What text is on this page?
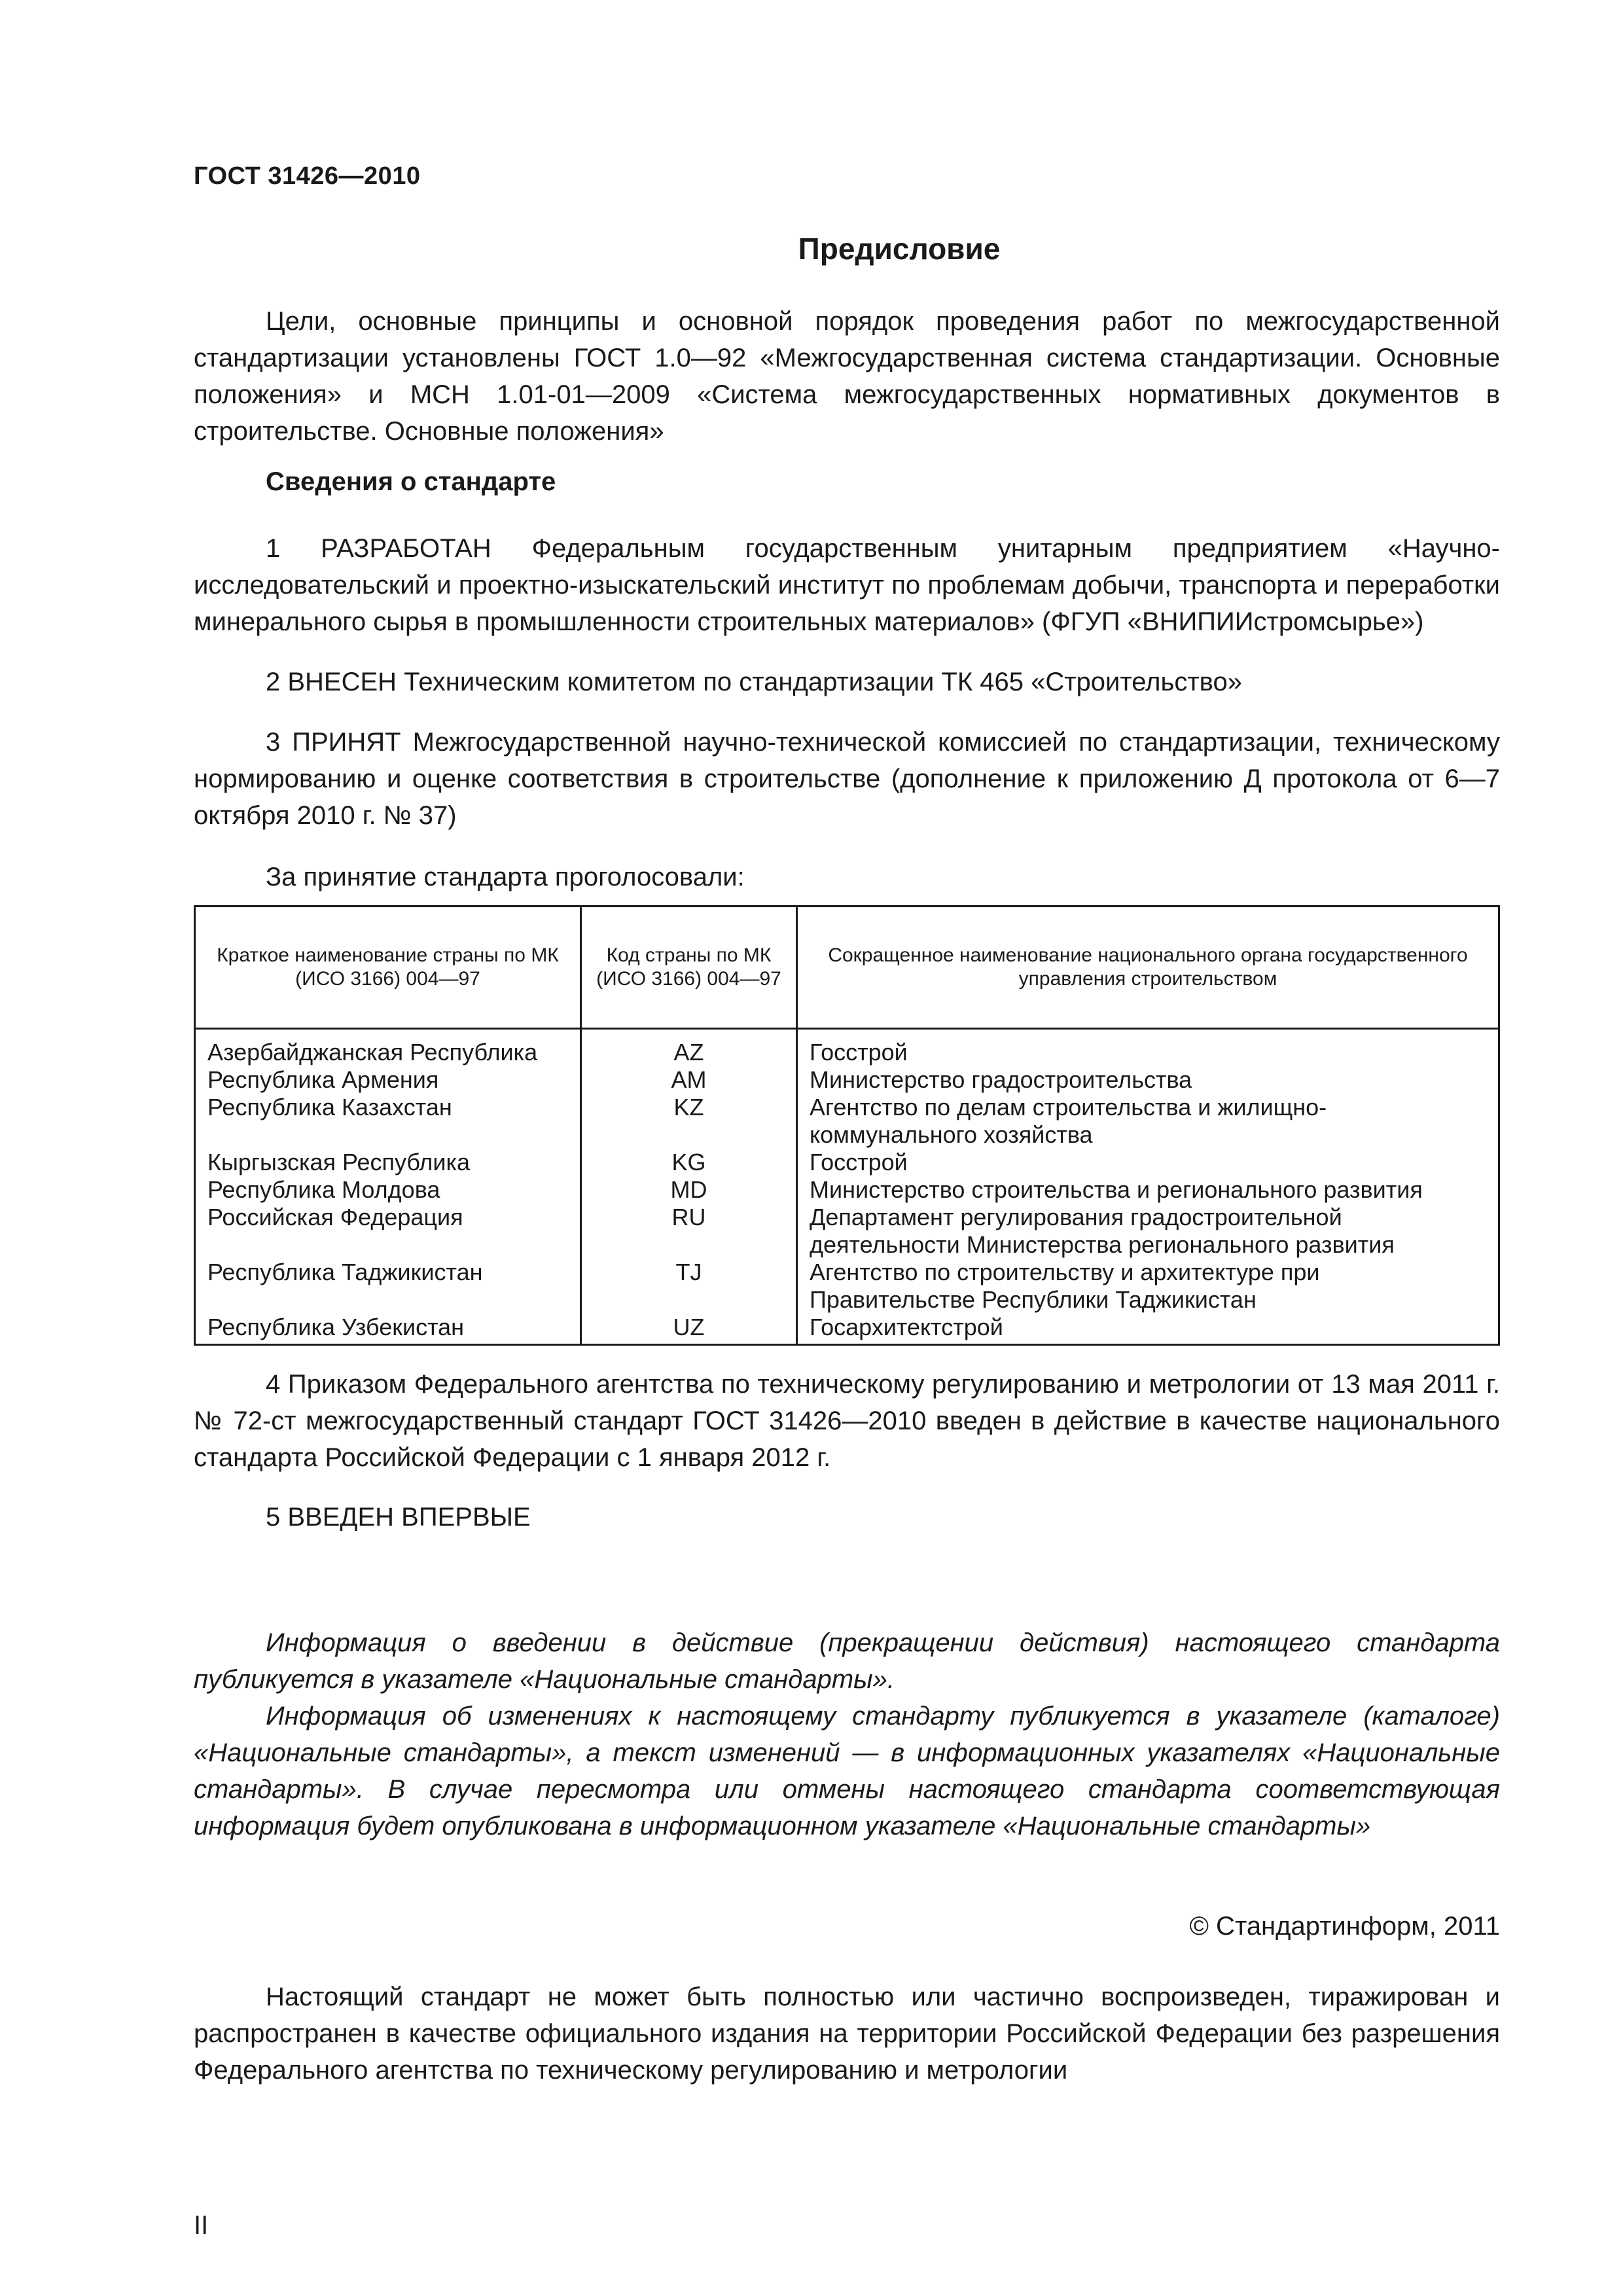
ГОСТ 31426—2010
Предисловие

Цели, основные принципы и основной порядок проведения работ по межгосударственной стандартизации установлены ГОСТ 1.0—92 «Межгосударственная система стандартизации. Основные положения» и МСН 1.01-01—2009 «Система межгосударственных нормативных документов в строительстве. Основные положения»

Сведения о стандарте

1 РАЗРАБОТАН Федеральным государственным унитарным предприятием «Научно-исследовательский и проектно-изыскательский институт по проблемам добычи, транспорта и переработки минерального сырья в промышленности строительных материалов» (ФГУП «ВНИПИИстромсырье»)

2 ВНЕСЕН Техническим комитетом по стандартизации ТК 465 «Строительство»

3 ПРИНЯТ Межгосударственной научно-технической комиссией по стандартизации, техническому нормированию и оценке соответствия в строительстве (дополнение к приложению Д протокола от 6—7 октября 2010 г. № 37)

За принятие стандарта проголосовали:
Краткое наименование страны по МК (ИСО 3166) 004—97	Код страны по МК (ИСО 3166) 004—97	Сокращенное наименование национального органа государственного управления строительством
Азербайджанская Республика	AZ	Госстрой
Республика Армения	AM	Министерство градостроительства
Республика Казахстан	KZ	Агентство по делам строительства и жилищно-коммунального хозяйства
Кыргызская Республика	KG	Госстрой
Республика Молдова	MD	Министерство строительства и регионального развития
Российская Федерация	RU	Департамент регулирования градостроительной деятельности Министерства регионального развития
Республика Таджикистан	TJ	Агентство по строительству и архитектуре при Правительстве Республики Таджикистан
Республика Узбекистан	UZ	Госархитектстрой

4 Приказом Федерального агентства по техническому регулированию и метрологии от 13 мая 2011 г. № 72-ст межгосударственный стандарт ГОСТ 31426—2010 введен в действие в качестве национального стандарта Российской Федерации с 1 января 2012 г.

5 ВВЕДЕН ВПЕРВЫЕ

Информация о введении в действие (прекращении действия) настоящего стандарта публикуется в указателе «Национальные стандарты».

Информация об изменениях к настоящему стандарту публикуется в указателе (каталоге) «Национальные стандарты», а текст изменений — в информационных указателях «Национальные стандарты». В случае пересмотра или отмены настоящего стандарта соответствующая информация будет опубликована в информационном указателе «Национальные стандарты»

© Стандартинформ, 2011

Настоящий стандарт не может быть полностью или частично воспроизведен, тиражирован и распространен в качестве официального издания на территории Российской Федерации без разрешения Федерального агентства по техническому регулированию и метрологии

II
